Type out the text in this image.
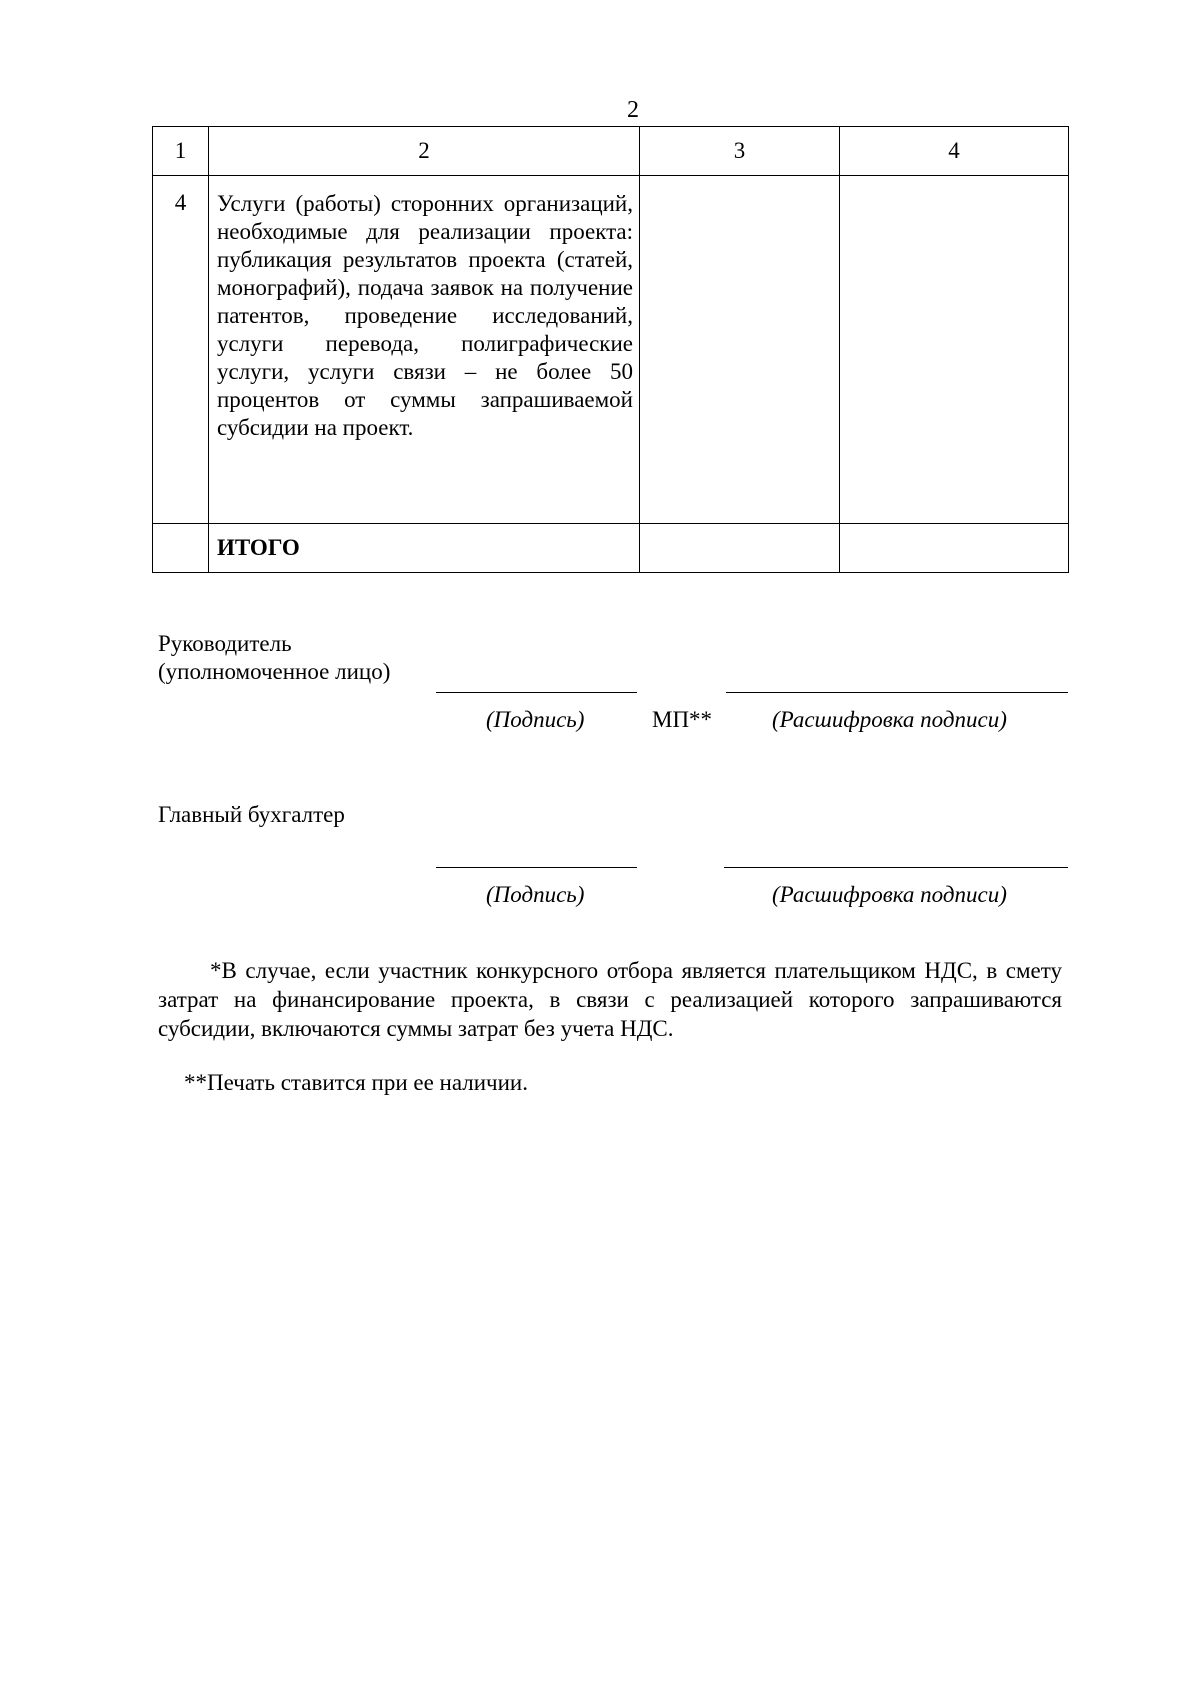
2
1	2	3	4
4	Услуги (работы) сторонних организаций, необходимые для реализации проекта: публикация результатов проекта (статей, монографий), подача заявок на получение патентов, проведение исследований, услуги перевода, полиграфические услуги, услуги связи – не более 50 процентов от суммы запрашиваемой субсидии на проект.		
	ИТОГО		
Руководитель
(уполномоченное лицо)
(Подпись)	МП**	(Расшифровка подписи)
Главный бухгалтер
(Подпись)	(Расшифровка подписи)
*В случае, если участник конкурсного отбора является плательщиком НДС, в смету затрат на финансирование проекта, в связи с реализацией которого запрашиваются субсидии, включаются суммы затрат без учета НДС.
**Печать ставится при ее наличии.
